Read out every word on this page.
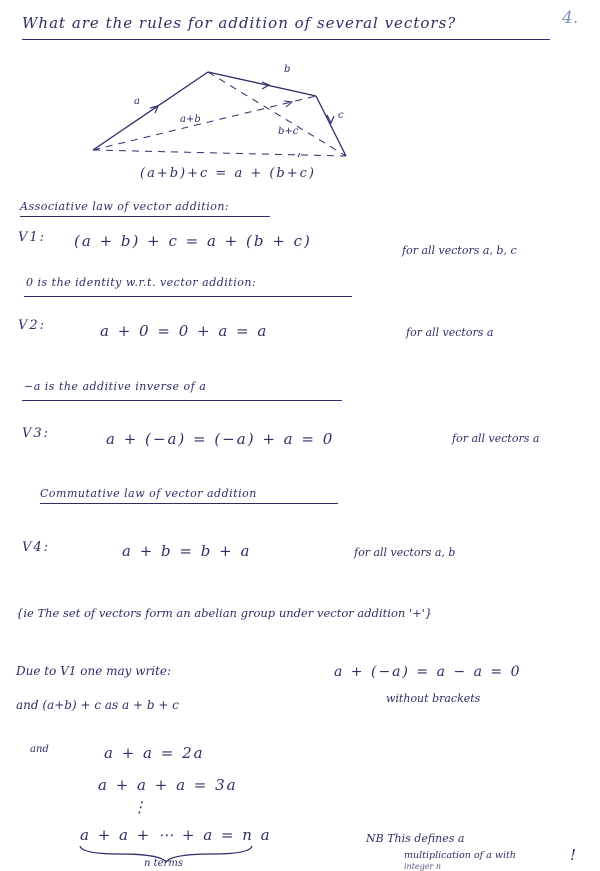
What are the rules for addition of several vectors?	4.
a
b
c
a+b
b+c
(a+b)+c = a + (b+c)
Associative law of vector addition:
V1: (a + b) + c = a + (b + c)
for all vectors a, b, c
0 is the identity w.r.t. vector addition:
V2:	a + 0 = 0 + a = a	for all vectors a
−a is the additive inverse of a
V3:	a + (−a) = (−a) + a = 0	for all vectors a
Commutative law of vector addition
V4:	a + b = b + a	for all vectors a, b
{ie The set of vectors form an abelian group under vector addition '+'}
Due to V1 one may write:	a + (−a) = a − a = 0
and (a+b) + c as a + b + c	without brackets
and	a + a = 2a
a + a + a = 3a
⋮
a + a + ⋯ + a = n a
n terms
NB This defines a
multiplication of a with
integer n
!
